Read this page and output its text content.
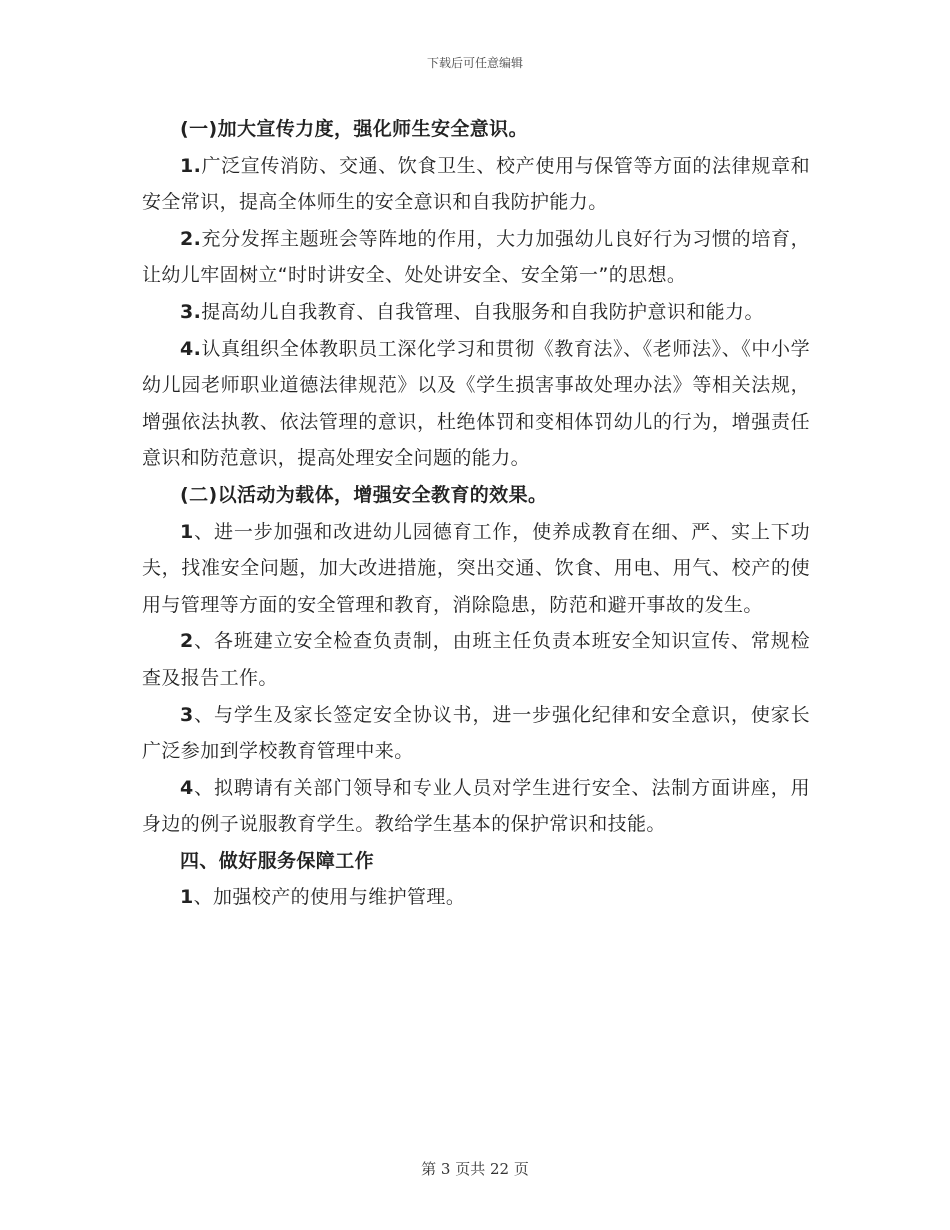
下载后可任意编辑

(一)加大宣传力度，强化师生安全意识。

1.广泛宣传消防、交通、饮食卫生、校产使用与保管等方面的法律规章和安全常识，提高全体师生的安全意识和自我防护能力。

2.充分发挥主题班会等阵地的作用，大力加强幼儿良好行为习惯的培育，让幼儿牢固树立“时时讲安全、处处讲安全、安全第一”的思想。

3.提高幼儿自我教育、自我管理、自我服务和自我防护意识和能力。

4.认真组织全体教职员工深化学习和贯彻《教育法》、《老师法》、《中小学幼儿园老师职业道德法律规范》以及《学生损害事故处理办法》等相关法规，增强依法执教、依法管理的意识，杜绝体罚和变相体罚幼儿的行为，增强责任意识和防范意识，提高处理安全问题的能力。

(二)以活动为载体，增强安全教育的效果。

1、进一步加强和改进幼儿园德育工作，使养成教育在细、严、实上下功夫，找准安全问题，加大改进措施，突出交通、饮食、用电、用气、校产的使用与管理等方面的安全管理和教育，消除隐患，防范和避开事故的发生。

2、各班建立安全检查负责制，由班主任负责本班安全知识宣传、常规检查及报告工作。

3、与学生及家长签定安全协议书，进一步强化纪律和安全意识，使家长广泛参加到学校教育管理中来。

4、拟聘请有关部门领导和专业人员对学生进行安全、法制方面讲座，用身边的例子说服教育学生。教给学生基本的保护常识和技能。

四、做好服务保障工作

1、加强校产的使用与维护管理。

第 3 页共 22 页
